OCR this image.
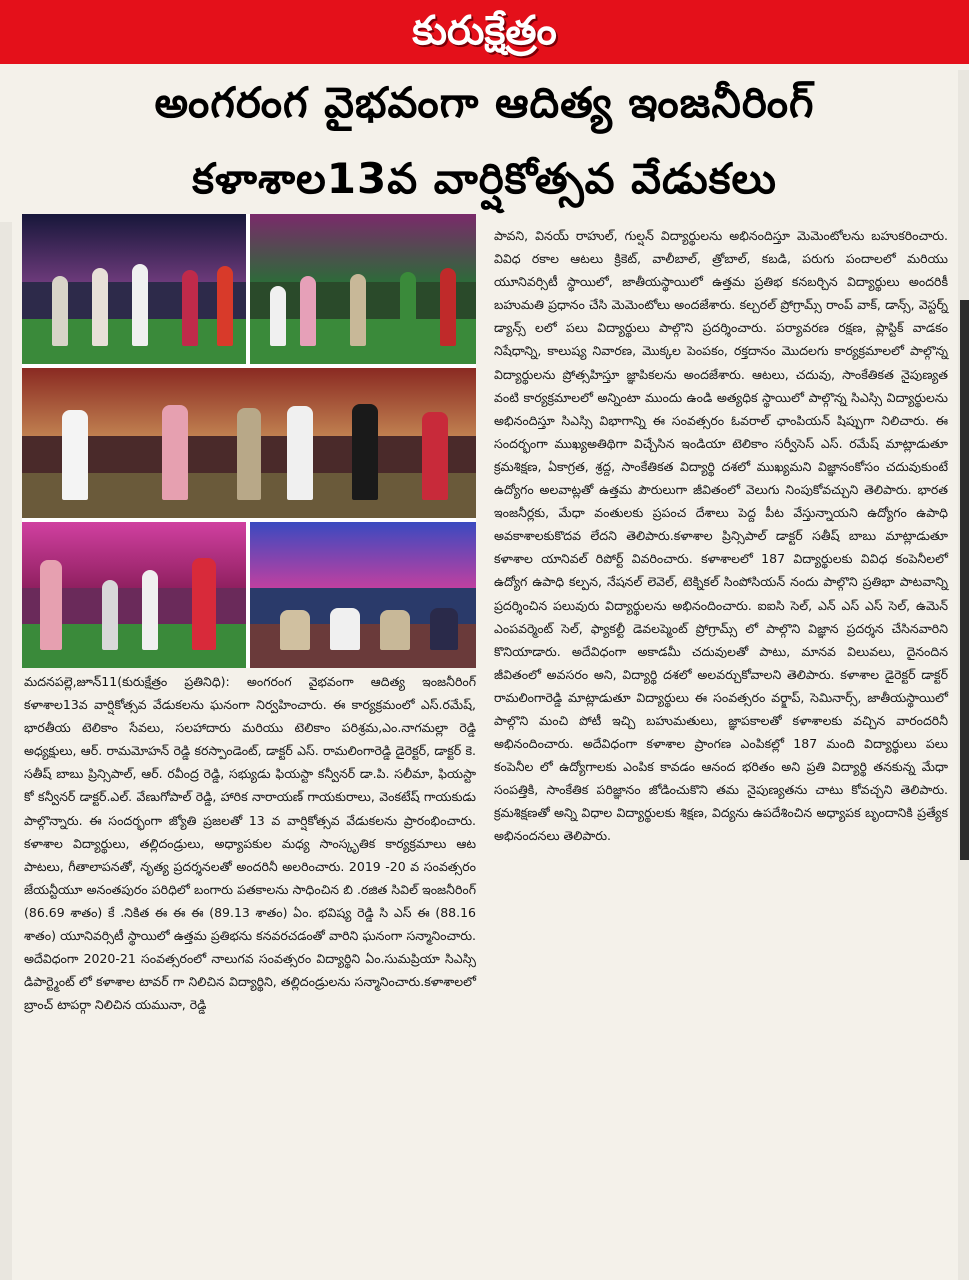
కురుక్షేత్రం
అంగరంగ వైభవంగా ఆదిత్య ఇంజనీరింగ్
కళాశాల13వ వార్షికోత్సవ వేడుకలు

మదనపల్లె,జూన్11(కురుక్షేత్రం ప్రతినిధి): అంగరంగ వైభవంగా ఆదిత్య ఇంజనీరింగ్ కళాశాల13వ వార్షికోత్సవ వేడుకలను ఘనంగా నిర్వహించారు. ఈ కార్యక్రమంలో ఎస్.రమేష్, భారతీయ టెలికాం సేవలు, సలహాదారు మరియు టెలికాం పరిశ్రమ,ఎం.నాగమల్లా రెడ్డి అధ్యక్షులు, ఆర్. రామమోహన్ రెడ్డి కరస్పాండెంట్, డాక్టర్ ఎస్. రామలింగారెడ్డి డైరెక్టర్, డాక్టర్ కె. సతీష్ బాబు ప్రిన్సిపాల్, ఆర్. రవీంద్ర రెడ్డి, సభ్యుడు ఫియస్టా కన్వీనర్ డా.పి. సలీమా, ఫియస్టా కో కన్వీనర్ డాక్టర్.ఎల్. వేణుగోపాల్ రెడ్డి, హారిక నారాయణ్ గాయకురాలు, వెంకటేష్ గాయకుడు పాల్గొన్నారు. ఈ సందర్భంగా జ్యోతి ప్రజలతో 13 వ వార్షికోత్సవ వేడుకలను ప్రారంభించారు. కళాశాల విద్యార్థులు, తల్లిదండ్రులు, అధ్యాపకుల మధ్య సాంస్కృతిక కార్యక్రమాలు ఆట పాటలు, గీతాలాపనతో, నృత్య ప్రదర్శనలతో అందరినీ అలరించారు. 2019 -20 వ సంవత్సరం జేయన్టీయూ అనంతపురం పరిధిలో బంగారు పతకాలను సాధించిన బి .రజిత సివిల్ ఇంజనీరింగ్ (86.69 శాతం) కే .నికిత ఈ ఈ ఈ (89.13 శాతం) ఏం. భవిష్య రెడ్డి సి ఎస్ ఈ (88.16 శాతం) యూనివర్సిటీ స్థాయిలో ఉత్తమ ప్రతిభను కనవరచడంతో వారిని ఘనంగా సన్మానించారు. అదేవిధంగా 2020-21 సంవత్సరంలో నాలుగవ సంవత్సరం విద్యార్థిని ఏం.సుమప్రియా సిఎస్సి డిపార్ట్మెంట్ లో కళాశాల టావర్ గా నిలిచిన విద్యార్థిని, తల్లిదండ్రులను సన్మానించారు.కళాశాలలో బ్రాంచ్ టాపర్గా నిలిచిన యమునా, రెడ్డి

పావని, వినయ్ రాహుల్, గుల్షన్ విద్యార్థులను అభినందిస్తూ మెమెంటోలను బహుకరించారు. వివిధ రకాల ఆటలు క్రికెట్, వాలీబాల్, త్రోబాల్, కబడి, పరుగు పందాలలో మరియు యూనివర్సిటీ స్థాయిలో, జాతీయస్థాయిలో ఉత్తమ ప్రతిభ కనబర్చిన విద్యార్థులు అందరికీ బహుమతి ప్రధానం చేసి మెమెంటోలు అందజేశారు. కల్చరల్ ప్రోగ్రామ్స్ రాంప్ వాక్, డాన్స్, వెస్టర్న్ డ్యాన్స్ లలో పలు విద్యార్థులు పాల్గొని ప్రదర్శించారు. పర్యావరణ రక్షణ, ప్లాస్టిక్ వాడకం నిషేధాన్ని, కాలుష్య నివారణ, మొక్కల పెంపకం, రక్తదానం మొదలగు కార్యక్రమాలలో పాల్గొన్న విద్యార్థులను ప్రోత్సహిస్తూ జ్ఞాపికలను అందజేశారు. ఆటలు, చదువు, సాంకేతికత నైపుణ్యత వంటి కార్యక్రమాలలో అన్నింటా ముందు ఉండి అత్యధిక స్థాయిలో పాల్గొన్న సిఎస్సి విద్యార్థులను అభినందిస్తూ సిఎస్సి విభాగాన్ని ఈ సంవత్సరం ఓవరాల్ ఛాంపియన్ షిప్పుగా నిలిచారు. ఈ సందర్భంగా ముఖ్యఅతిథిగా విచ్చేసిన ఇండియా టెలికాం సర్వీసెస్ ఎస్. రమేష్ మాట్లాడుతూ క్రమశిక్షణ, ఏకాగ్రత, శ్రద్ద, సాంకేతికత విద్యార్థి దశలో ముఖ్యమని విజ్ఞానంకోసం చదువుకుంటే ఉద్యోగం అలవాట్లతో ఉత్తమ పౌరులుగా జీవితంలో వెలుగు నింపుకోవచ్చుని తెలిపారు. భారత ఇంజనీర్లకు, మేధా వంతులకు ప్రపంచ దేశాలు పెద్ద పీట వేస్తున్నాయని ఉద్యోగం ఉపాధి అవకాశాలకుకొదవ లేదని తెలిపారు.కళాశాల ప్రిన్సిపాల్ డాక్టర్ సతీష్ బాబు మాట్లాడుతూ కళాశాల యానివల్ రిపోర్ట్ వివరించారు. కళాశాలలో 187 విద్యార్థులకు వివిధ కంపెనీలలో ఉద్యోగ ఉపాధి కల్పన, నేషనల్ లెవెల్, టెక్నికల్ సింపోసియన్ నందు పాల్గొని ప్రతిభా పాటవాన్ని ప్రదర్శించిన పలువురు విద్యార్థులను అభినందించారు. ఐఐసి సెల్, ఎన్ ఎస్ ఎస్ సెల్, ఉమెన్ ఎంపవర్మెంట్ సెల్, ఫ్యాకల్టీ డెవలప్మెంట్ ప్రోగ్రామ్స్ లో పాల్గొని విజ్ఞాన ప్రదర్శన చేసినవారిని కొనియాడారు. అదేవిధంగా అకాడమీ చదువులతో పాటు, మానవ విలువలు, దైనందిన జీవితంలో అవసరం అని, విద్యార్థి దశలో అలవర్చుకోవాలని తెలిపారు. కళాశాల డైరెక్టర్ డాక్టర్ రామలింగారెడ్డి మాట్లాడుతూ విద్యార్థులు ఈ సంవత్సరం వర్క్షాప్, సెమినార్స్, జాతీయస్థాయిలో పాల్గొని మంచి పోటీ ఇచ్చి బహుమతులు, జ్ఞాపకాలతో కళాశాలకు వచ్చిన వారందరినీ అభినందించారు. అదేవిధంగా కళాశాల ప్రాంగణ ఎంపికల్లో 187 మంది విద్యార్థులు పలు కంపెనీల లో ఉద్యోగాలకు ఎంపిక కావడం ఆనంద భరితం అని ప్రతి విద్యార్థి తనకున్న మేధా సంపత్తికి, సాంకేతిక పరిజ్ఞానం జోడించుకొని తమ నైపుణ్యతను చాటు కోవచ్చని తెలిపారు. క్రమశిక్షణతో అన్ని విధాల విద్యార్థులకు శిక్షణ, విద్యను ఉపదేశించిన అధ్యాపక బృందానికి ప్రత్యేక అభినందనలు తెలిపారు.
